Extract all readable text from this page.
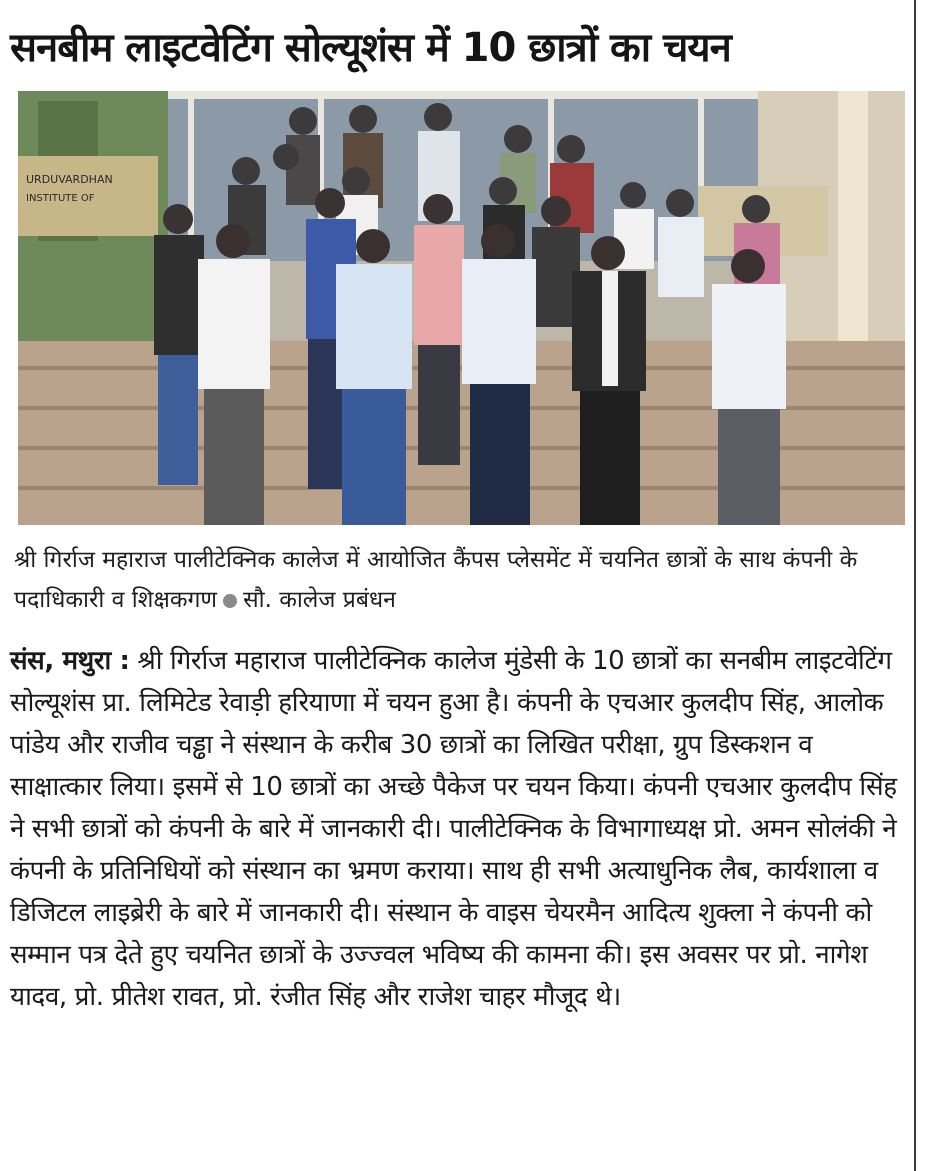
सनबीम लाइटवेटिंग सोल्यूशंस में 10 छात्रों का चयन
URDUVARDHAN
INSTITUTE OF

श्री गिर्राज महाराज पालीटेक्निक कालेज में आयोजित कैंपस प्लेसमेंट में चयनित छात्रों के साथ कंपनी के पदाधिकारी व शिक्षकगण सौ. कालेज प्रबंधन

संस, मथुरा : श्री गिर्राज महाराज पालीटेक्निक कालेज मुंडेसी के 10 छात्रों का सनबीम लाइटवेटिंग सोल्यूशंस प्रा. लिमिटेड रेवाड़ी हरियाणा में चयन हुआ है। कंपनी के एचआर कुलदीप सिंह, आलोक पांडेय और राजीव चड्ढा ने संस्थान के करीब 30 छात्रों का लिखित परीक्षा, ग्रुप डिस्कशन व साक्षात्कार लिया। इसमें से 10 छात्रों का अच्छे पैकेज पर चयन किया। कंपनी एचआर कुलदीप सिंह ने सभी छात्रों को कंपनी के बारे में जानकारी दी। पालीटेक्निक के विभागाध्यक्ष प्रो. अमन सोलंकी ने कंपनी के प्रतिनिधियों को संस्थान का भ्रमण कराया। साथ ही सभी अत्याधुनिक लैब, कार्यशाला व डिजिटल लाइब्रेरी के बारे में जानकारी दी। संस्थान के वाइस चेयरमैन आदित्य शुक्ला ने कंपनी को सम्मान पत्र देते हुए चयनित छात्रों के उज्ज्वल भविष्य की कामना की। इस अवसर पर प्रो. नागेश यादव, प्रो. प्रीतेश रावत, प्रो. रंजीत सिंह और राजेश चाहर मौजूद थे।
